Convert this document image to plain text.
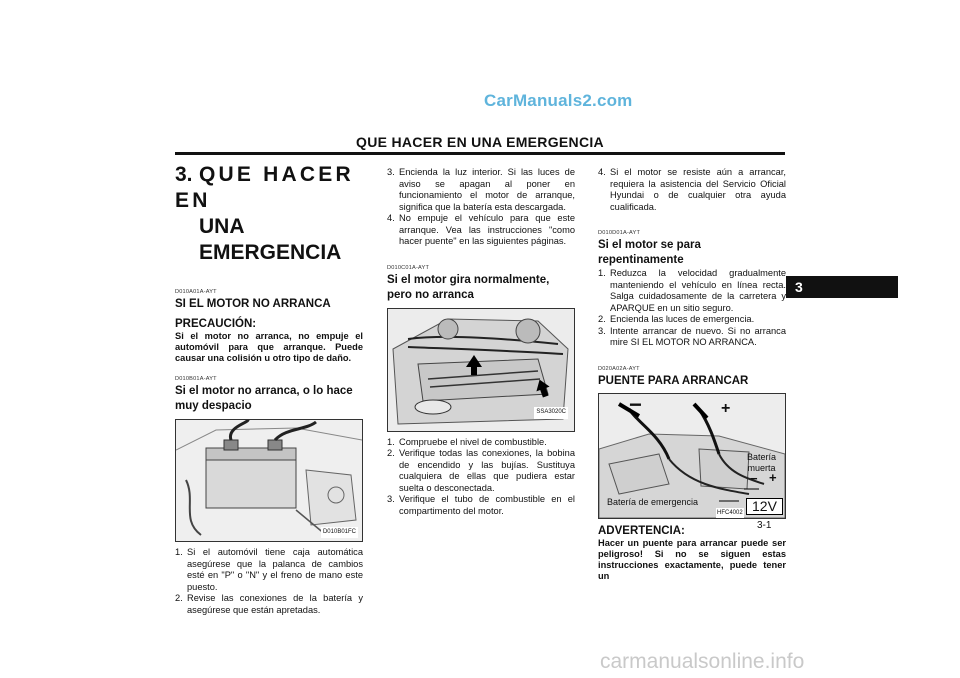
CarManuals2.com
QUE HACER EN UNA EMERGENCIA
3. QUE HACER EN
UNA EMERGENCIA
D010A01A-AYT
SI EL MOTOR NO ARRANCA
PRECAUCIÓN:
Si el motor no arranca, no empuje el automóvil para que arranque. Puede causar una colisión u otro tipo de daño.
D010B01A-AYT
Si el motor no arranca, o lo hace muy despacio
D010B01FC
1. Si el automóvil tiene caja automática asegúrese que la palanca de cambios esté en "P" o "N" y el freno de mano este puesto.
2. Revise las conexiones de la batería y asegúrese que están apretadas.
3. Encienda la luz interior. Si las luces de aviso se apagan al poner en funcionamiento el motor de arranque, significa que la batería esta descargada.
4. No empuje el vehículo para que este arranque. Vea las instrucciones "como hacer puente" en las siguientes páginas.
D010C01A-AYT
Si el motor gira normalmente, pero no arranca
SSA3020C
1. Compruebe el nivel de combustible.
2. Verifique todas las conexiones, la bobina de encendido y las bujías. Sustituya cualquiera de ellas que pudiera estar suelta o desconectada.
3. Verifique el tubo de combustible en el compartimento del motor.
4. Si el motor se resiste aún a arrancar, requiera la asistencia del Servicio Oficial Hyundai o de cualquier otra ayuda cualificada.
D010D01A-AYT
Si el motor se para repentinamente
1. Reduzca la velocidad gradualmente manteniendo el vehículo en línea recta. Salga cuidadosamente de la carretera y APARQUE en un sitio seguro.
2. Encienda las luces de emergencia.
3. Intente arrancar de nuevo. Si no arranca mire SI EL MOTOR NO ARRANCA.
D020A02A-AYT
PUENTE PARA ARRANCAR
−	+
− +
Batería
muerta
Batería de emergencia	12V
HFC4002
ADVERTENCIA:
Hacer un puente para arrancar puede ser peligroso! Si no se siguen estas instrucciones exactamente, puede tener un
3
3-1
carmanualsonline.info
